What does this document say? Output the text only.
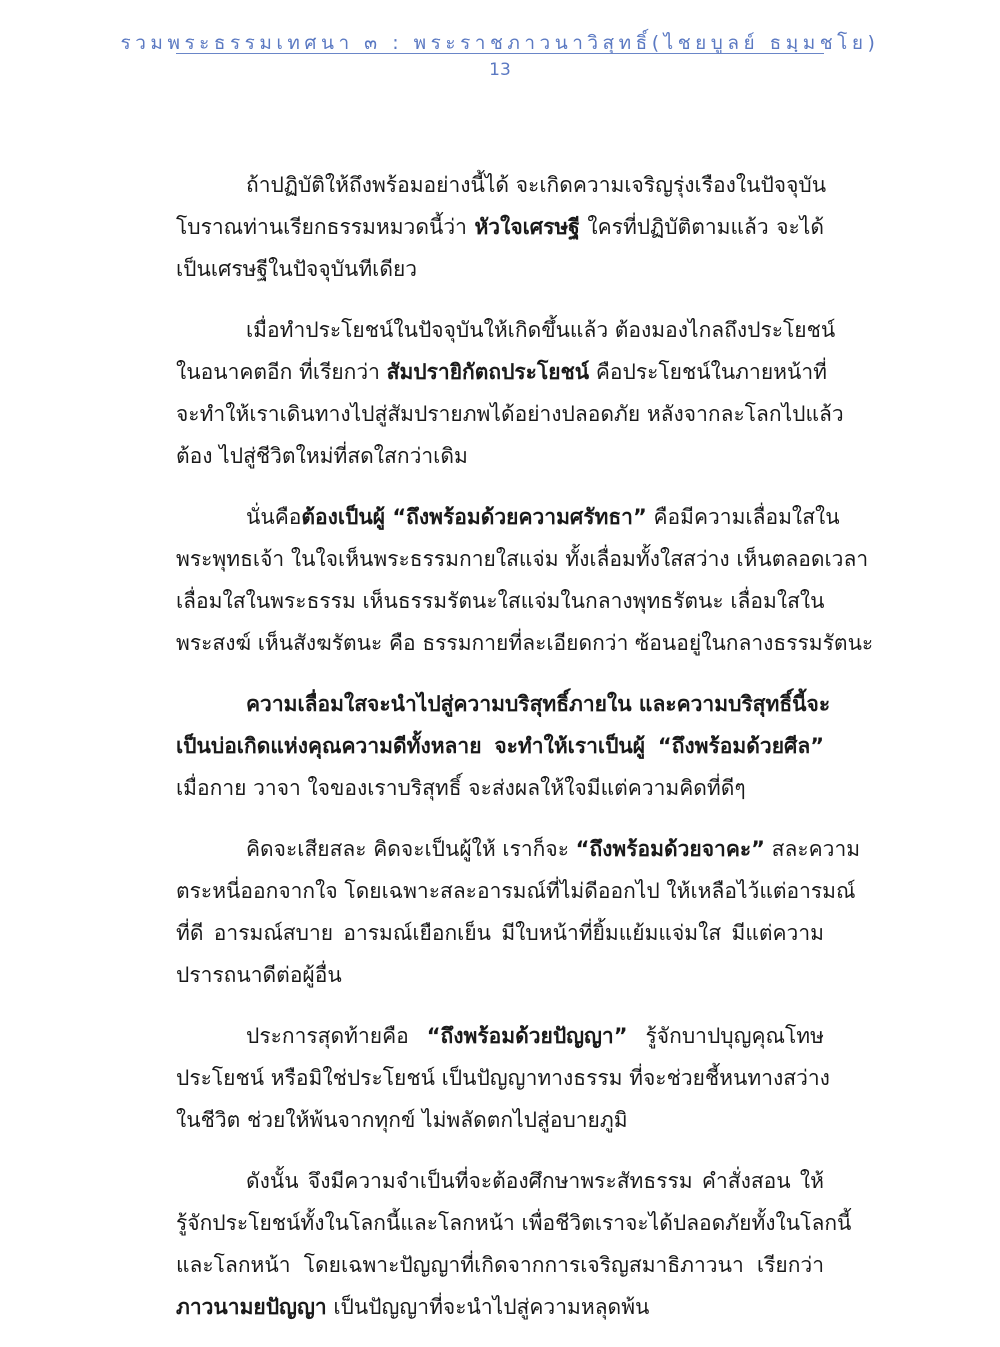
รวมพระธรรมเทศนา ๓ : พระราชภาวนาวิสุทธิ์(ไชยบูลย์ ธมฺมชโย)
13
ถ้าปฏิบัติให้ถึงพร้อมอย่างนี้ได้ จะเกิดความเจริญรุ่งเรืองในปัจจุบัน
โบราณท่านเรียกธรรมหมวดนี้ว่า หัวใจเศรษฐี ใครที่ปฏิบัติตามแล้ว จะได้
เป็นเศรษฐีในปัจจุบันทีเดียว
เมื่อทำประโยชน์ในปัจจุบันให้เกิดขึ้นแล้ว ต้องมองไกลถึงประโยชน์
ในอนาคตอีก ที่เรียกว่า สัมปรายิกัตถประโยชน์ คือประโยชน์ในภายหน้าที่
จะทำให้เราเดินทางไปสู่สัมปรายภพได้อย่างปลอดภัย หลังจากละโลกไปแล้ว
ต้อง ไปสู่ชีวิตใหม่ที่สดใสกว่าเดิม
นั่นคือต้องเป็นผู้ “ถึงพร้อมด้วยความศรัทธา” คือมีความเลื่อมใสใน
พระพุทธเจ้า ในใจเห็นพระธรรมกายใสแจ่ม ทั้งเลื่อมทั้งใสสว่าง เห็นตลอดเวลา
เลื่อมใสในพระธรรม เห็นธรรมรัตนะใสแจ่มในกลางพุทธรัตนะ เลื่อมใสใน
พระสงฆ์ เห็นสังฆรัตนะ คือ ธรรมกายที่ละเอียดกว่า ซ้อนอยู่ในกลางธรรมรัตนะ
ความเลื่อมใสจะนำไปสู่ความบริสุทธิ์ภายใน และความบริสุทธิ์นี้จะ
เป็นบ่อเกิดแห่งคุณความดีทั้งหลาย จะทำให้เราเป็นผู้ “ถึงพร้อมด้วยศีล”
เมื่อกาย วาจา ใจของเราบริสุทธิ์ จะส่งผลให้ใจมีแต่ความคิดที่ดีๆ
คิดจะเสียสละ คิดจะเป็นผู้ให้ เราก็จะ “ถึงพร้อมด้วยจาคะ” สละความ
ตระหนี่ออกจากใจ โดยเฉพาะสละอารมณ์ที่ไม่ดีออกไป ให้เหลือไว้แต่อารมณ์
ที่ดี อารมณ์สบาย อารมณ์เยือกเย็น มีใบหน้าที่ยิ้มแย้มแจ่มใส มีแต่ความ
ปรารถนาดีต่อผู้อื่น
ประการสุดท้ายคือ “ถึงพร้อมด้วยปัญญา” รู้จักบาปบุญคุณโทษ
ประโยชน์ หรือมิใช่ประโยชน์ เป็นปัญญาทางธรรม ที่จะช่วยชี้หนทางสว่าง
ในชีวิต ช่วยให้พ้นจากทุกข์ ไม่พลัดตกไปสู่อบายภูมิ
ดังนั้น จึงมีความจำเป็นที่จะต้องศึกษาพระสัทธรรม คำสั่งสอน ให้
รู้จักประโยชน์ทั้งในโลกนี้และโลกหน้า เพื่อชีวิตเราจะได้ปลอดภัยทั้งในโลกนี้
และโลกหน้า โดยเฉพาะปัญญาที่เกิดจากการเจริญสมาธิภาวนา เรียกว่า
ภาวนามยปัญญา เป็นปัญญาที่จะนำไปสู่ความหลุดพ้น
